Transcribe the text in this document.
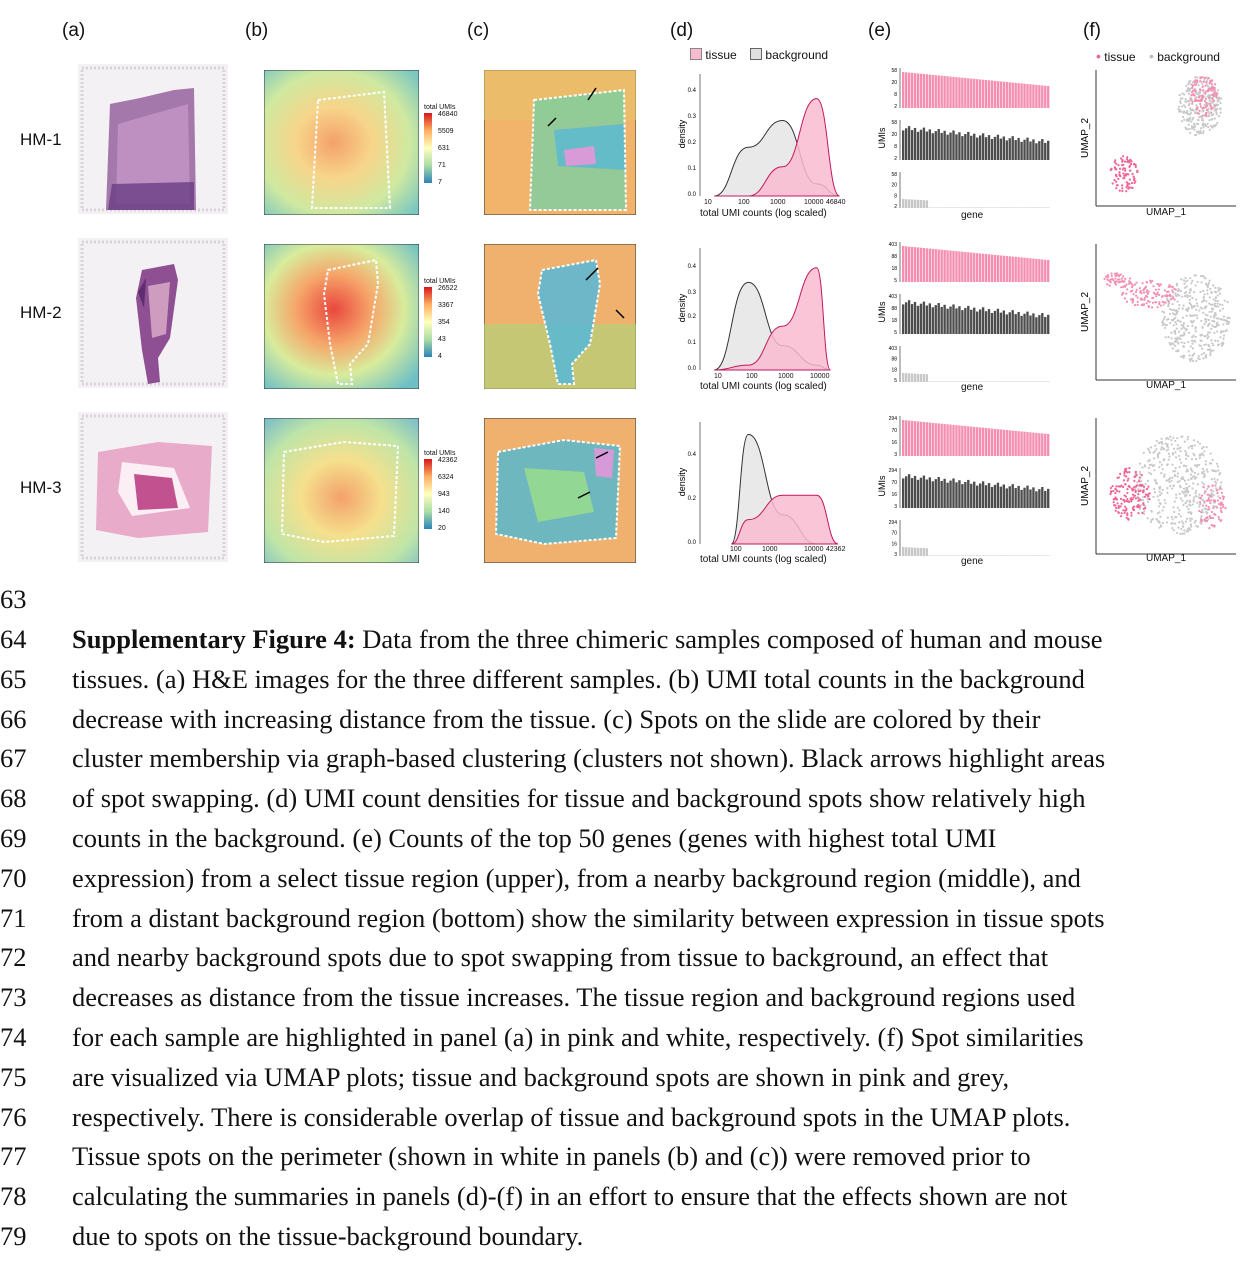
(a)	(b)	(c)	(d)	(e)	(f)
tissue background	• tissue • background
HM-1
HM-2
HM-3
total UMIs
46840
5509
631
71
7
total UMIs
26522
3367
354
43
4
total UMIs
42362
6324
943
140
20
0.4
0.3
0.2
0.1
0.0
density
10	100	1000	10000 46840
total UMI counts (log scaled)
0.4
0.3
0.2
0.1
0.0
density
10	100	1000 10000
total UMI counts (log scaled)
0.4
0.2
0.0
density
100	1000	10000 42362
total UMI counts (log scaled)
58
20
8
2
58
20
8
2
58
20
8
2
UMIs
gene
403
88
18
5
403
88
18
5
403
88
18
5
UMIs
gene
294
70
16
3
294
70
16
3
294
70
16
3
UMIs
gene
UMAP_2
UMAP_1
UMAP_2
UMAP_1
UMAP_2
UMAP_1
63
64	Supplementary Figure 4: Data from the three chimeric samples composed of human and mouse
65	tissues. (a) H&E images for the three different samples. (b) UMI total counts in the background
66	decrease with increasing distance from the tissue. (c) Spots on the slide are colored by their
67	cluster membership via graph-based clustering (clusters not shown). Black arrows highlight areas
68	of spot swapping. (d) UMI count densities for tissue and background spots show relatively high
69	counts in the background. (e) Counts of the top 50 genes (genes with highest total UMI
70	expression) from a select tissue region (upper), from a nearby background region (middle), and
71	from a distant background region (bottom) show the similarity between expression in tissue spots
72	and nearby background spots due to spot swapping from tissue to background, an effect that
73	decreases as distance from the tissue increases. The tissue region and background regions used
74	for each sample are highlighted in panel (a) in pink and white, respectively. (f) Spot similarities
75	are visualized via UMAP plots; tissue and background spots are shown in pink and grey,
76	respectively. There is considerable overlap of tissue and background spots in the UMAP plots.
77	Tissue spots on the perimeter (shown in white in panels (b) and (c)) were removed prior to
78	calculating the summaries in panels (d)-(f) in an effort to ensure that the effects shown are not
79	due to spots on the tissue-background boundary.
